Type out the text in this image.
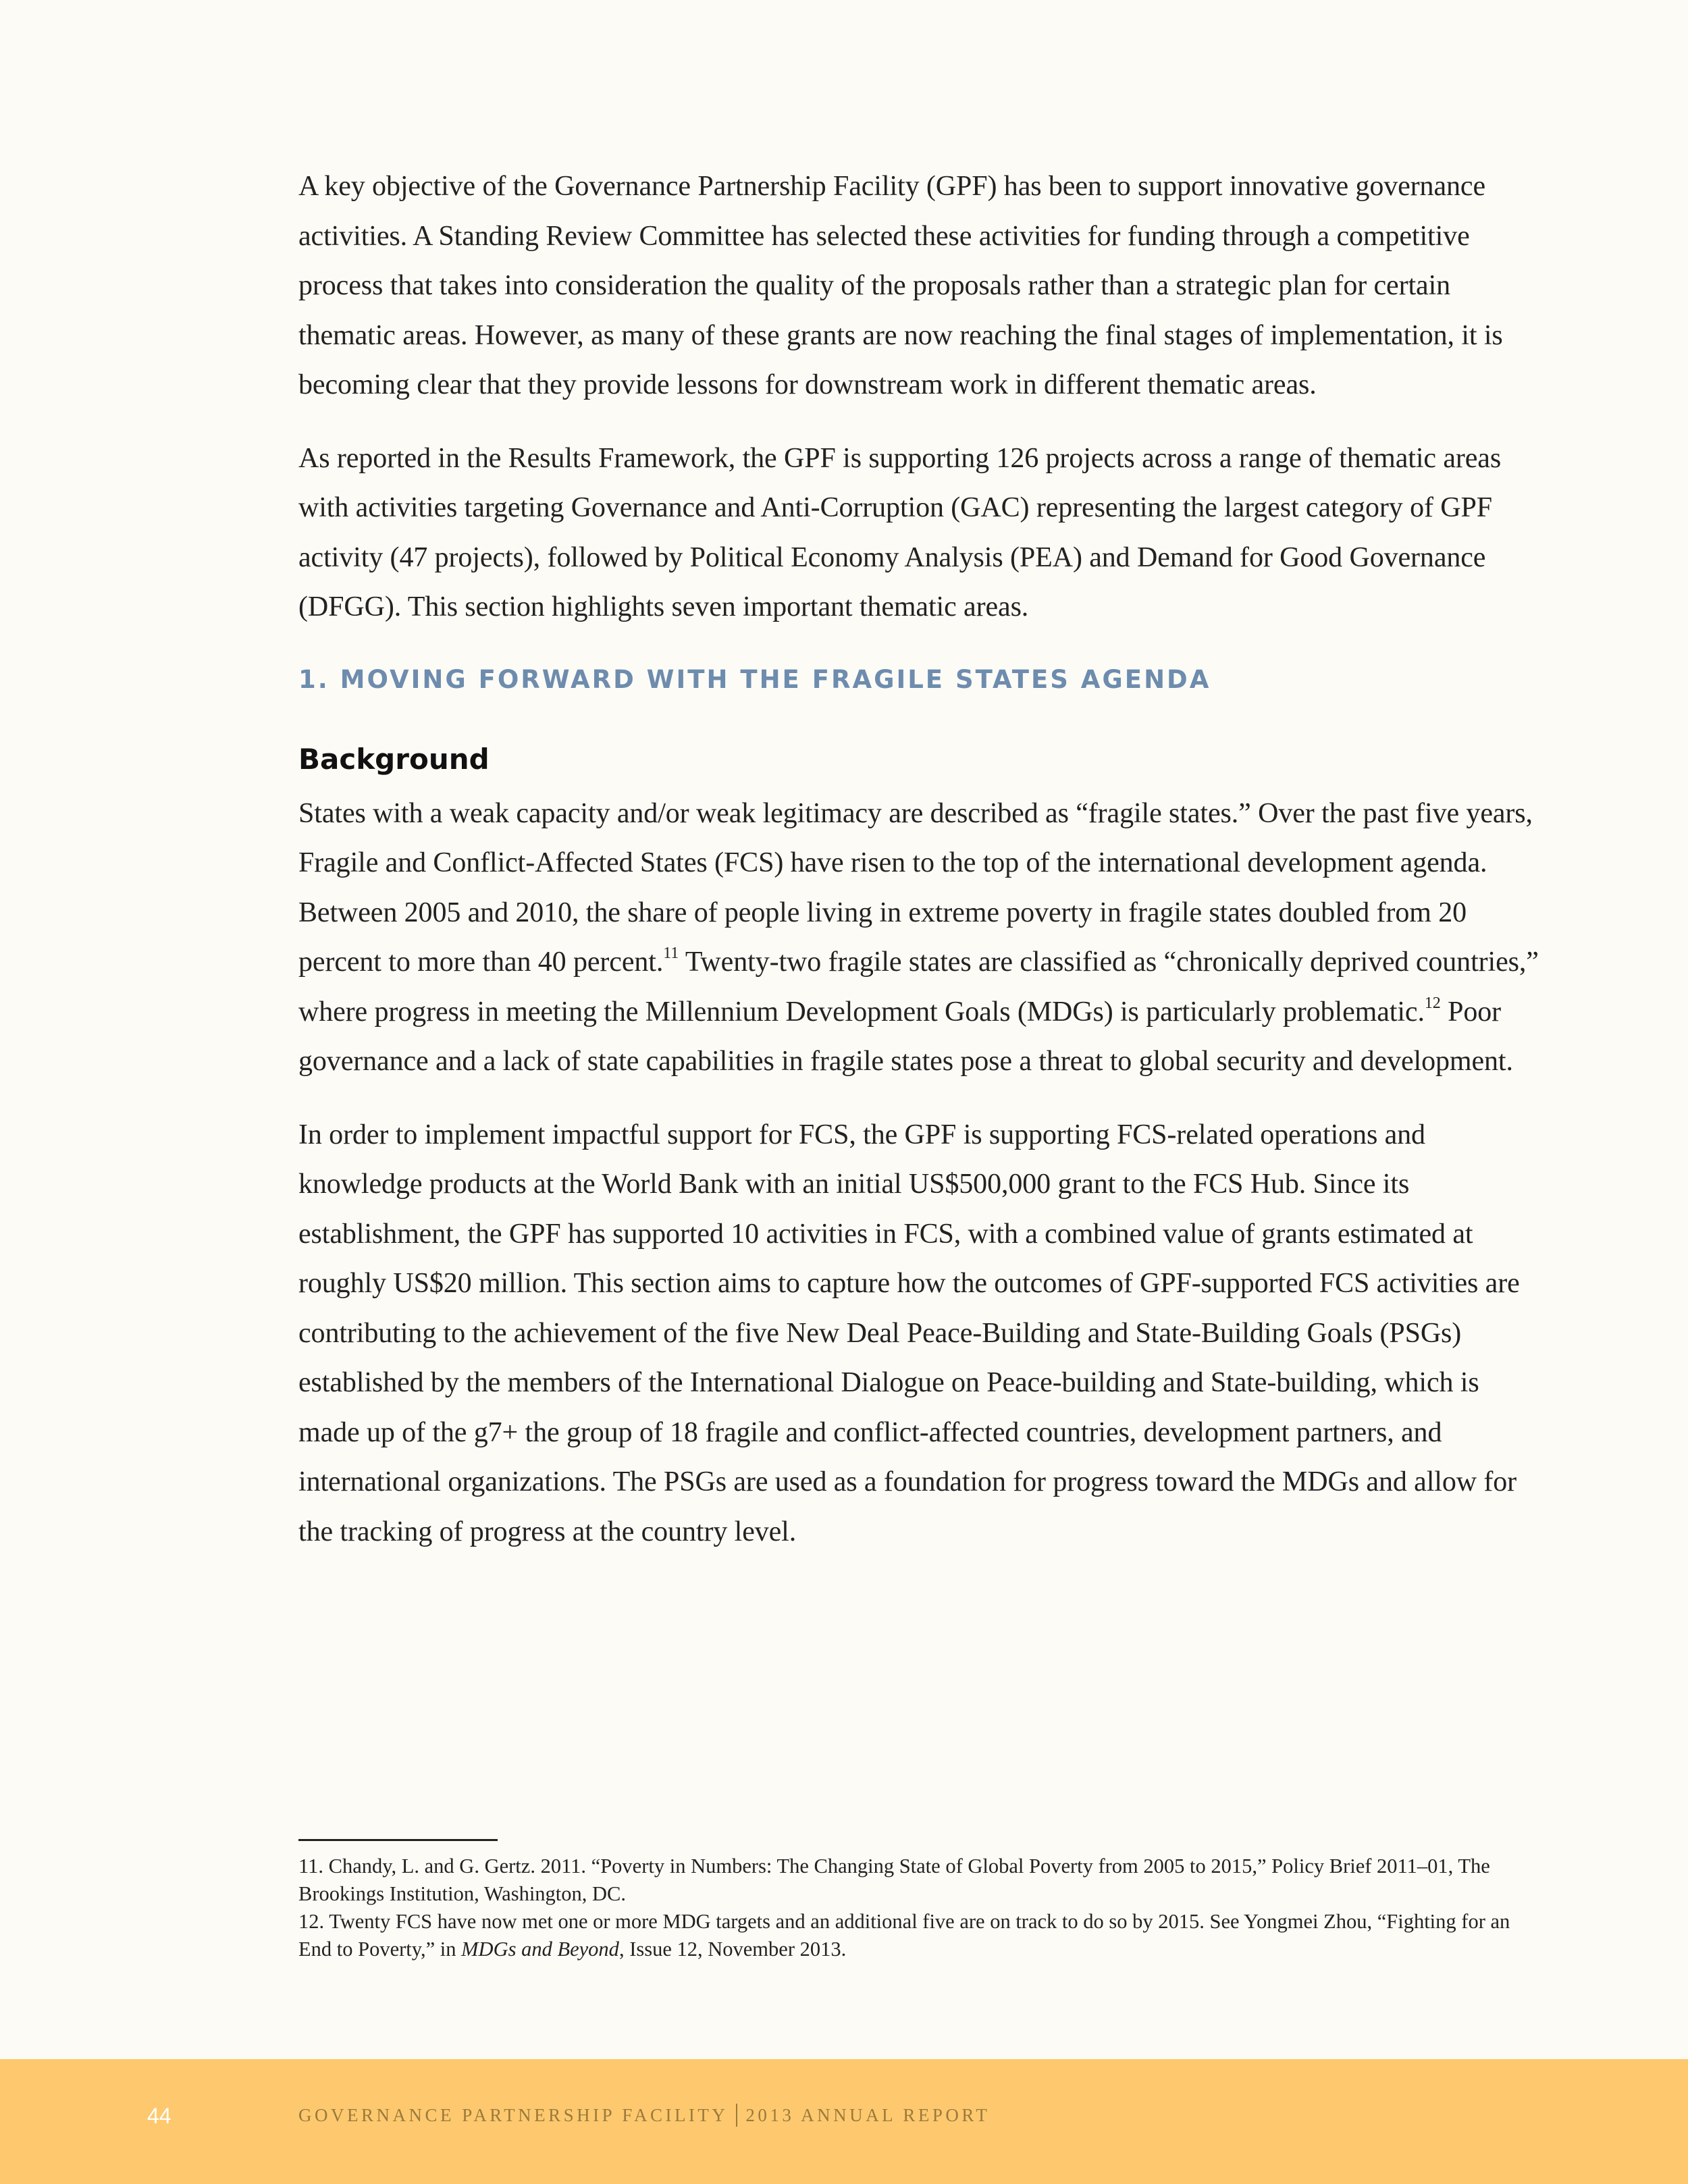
A key objective of the Governance Partnership Facility (GPF) has been to support innovative governance activities. A Standing Review Committee has selected these activities for funding through a competitive process that takes into consideration the quality of the proposals rather than a strategic plan for certain thematic areas. However, as many of these grants are now reaching the final stages of implementation, it is becoming clear that they provide lessons for downstream work in different thematic areas.

As reported in the Results Framework, the GPF is supporting 126 projects across a range of thematic areas with activities targeting Governance and Anti-Corruption (GAC) representing the largest category of GPF activity (47 projects), followed by Political Economy Analysis (PEA) and Demand for Good Governance (DFGG). This section highlights seven important thematic areas.

1. MOVING FORWARD WITH THE FRAGILE STATES AGENDA
Background

States with a weak capacity and/or weak legitimacy are described as “fragile states.” Over the past five years, Fragile and Conflict-Affected States (FCS) have risen to the top of the international development agenda. Between 2005 and 2010, the share of people living in extreme poverty in fragile states doubled from 20 percent to more than 40 percent.$^{11}$ Twenty-two fragile states are classified as “chronically deprived countries,” where progress in meeting the Millennium Development Goals (MDGs) is particularly problematic.$^{12}$ Poor governance and a lack of state capabilities in fragile states pose a threat to global security and development.

In order to implement impactful support for FCS, the GPF is supporting FCS-related operations and knowledge products at the World Bank with an initial US$500,000 grant to the FCS Hub. Since its establishment, the GPF has supported 10 activities in FCS, with a combined value of grants estimated at roughly US$20 million. This section aims to capture how the outcomes of GPF-supported FCS activities are contributing to the achievement of the five New Deal Peace-Building and State-Building Goals (PSGs) established by the members of the International Dialogue on Peace-building and State-building, which is made up of the g7+ the group of 18 fragile and conflict-affected countries, development partners, and international organizations. The PSGs are used as a foundation for progress toward the MDGs and allow for the tracking of progress at the country level.

11. Chandy, L. and G. Gertz. 2011. “Poverty in Numbers: The Changing State of Global Poverty from 2005 to 2015,” Policy Brief 2011–01, The Brookings Institution, Washington, DC.

12. Twenty FCS have now met one or more MDG targets and an additional five are on track to do so by 2015. See Yongmei Zhou, “Fighting for an End to Poverty,” in MDGs and Beyond, Issue 12, November 2013.

44	GOVERNANCE PARTNERSHIP FACILITY 2013 ANNUAL REPORT
